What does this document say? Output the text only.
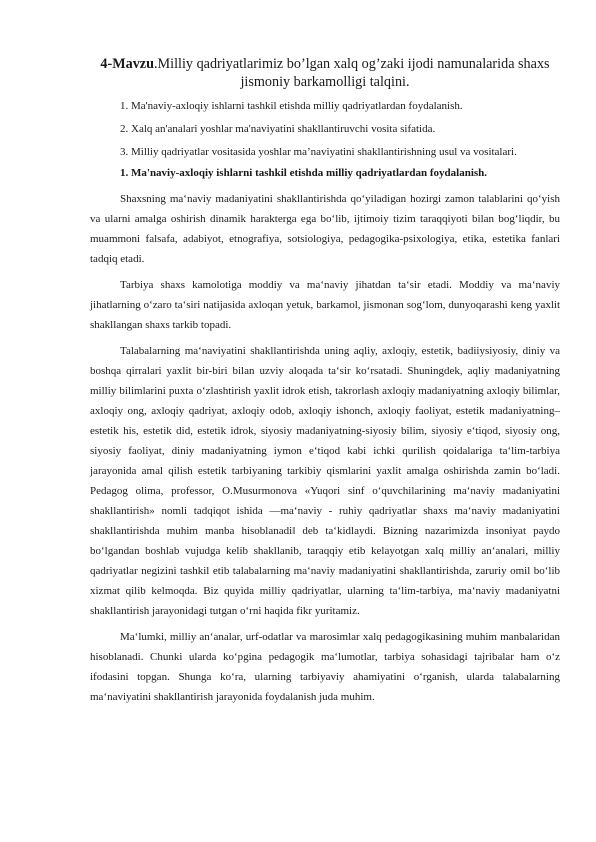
4-Mavzu.Milliy qadriyatlarimiz bo’lgan xalq og’zaki ijodi namunalarida shaxs jismoniy barkamolligi talqini.

1. Ma'naviy-axloqiy ishlarni tashkil etishda milliy qadriyatlardan foydalanish.

2. Xalq an'analari yoshlar ma'naviyatini shakllantiruvchi vosita sifatida.

3. Milliy qadriyatlar vositasida yoshlar ma’naviyatini shakllantirishning usul va vositalari.

1. Ma'naviy-axloqiy ishlarni tashkil etishda milliy qadriyatlardan foydalanish.

Shaxsning ma‘naviy madaniyatini shakllantirishda qo‘yiladigan hozirgi zamon talablarini qo‘yish va ularni amalga oshirish dinamik harakterga ega bo‘lib, ijtimoiy tizim taraqqiyoti bilan bog‘liqdir, bu muammoni falsafa, adabiyot, etnografiya, sotsiologiya, pedagogika-psixologiya, etika, estetika fanlari tadqiq etadi.

Tarbiya shaxs kamolotiga moddiy va ma‘naviy jihatdan ta‘sir etadi. Moddiy va ma‘naviy jihatlarning o‘zaro ta‘siri natijasida axloqan yetuk, barkamol, jismonan sog‘lom, dunyoqarashi keng yaxlit shakllangan shaxs tarkib topadi.

Talabalarning ma‘naviyatini shakllantirishda uning aqliy, axloqiy, estetik, badiiysiyosiy, diniy va boshqa qirralari yaxlit bir-biri bilan uzviy aloqada ta‘sir ko‘rsatadi. Shuningdek, aqliy madaniyatning milliy bilimlarini puxta o‘zlashtirish yaxlit idrok etish, takrorlash axloqiy madaniyatning axloqiy bilimlar, axloqiy ong, axloqiy qadriyat, axloqiy odob, axloqiy ishonch, axloqiy faoliyat, estetik madaniyatning– estetik his, estetik did, estetik idrok, siyosiy madaniyatning-siyosiy bilim, siyosiy e‘tiqod, siyosiy ong, siyosiy faoliyat, diniy madaniyatning iymon e‘tiqod kabi ichki qurilish qoidalariga ta‘lim-tarbiya jarayonida amal qilish estetik tarbiyaning tarkibiy qismlarini yaxlit amalga oshirishda zamin bo‘ladi. Pedagog olima, professor, O.Musurmonova «Yuqori sinf o‘quvchilarining ma‘naviy madaniyatini shakllantirish» nomli tadqiqot ishida ―ma‘naviy - ruhiy qadriyatlar shaxs ma‘naviy madaniyatini shakllantirishda muhim manba hisoblanadi‖ deb ta‘kidlaydi. Bizning nazarimizda insoniyat paydo bo‘lgandan boshlab vujudga kelib shakllanib, taraqqiy etib kelayotgan xalq milliy an‘analari, milliy qadriyatlar negizini tashkil etib talabalarning ma‘naviy madaniyatini shakllantirishda, zaruriy omil bo‘lib xizmat qilib kelmoqda. Biz quyida milliy qadriyatlar, ularning ta‘lim-tarbiya, ma‘naviy madaniyatni shakllantirish jarayonidagi tutgan o‘rni haqida fikr yuritamiz.

Ma‘lumki, milliy an‘analar, urf-odatlar va marosimlar xalq pedagogikasining muhim manbalaridan hisoblanadi. Chunki ularda ko‘pgina pedagogik ma‘lumotlar, tarbiya sohasidagi tajribalar ham o‘z ifodasini topgan. Shunga ko‘ra, ularning tarbiyaviy ahamiyatini o‘rganish, ularda talabalarning ma‘naviyatini shakllantirish jarayonida foydalanish juda muhim.
